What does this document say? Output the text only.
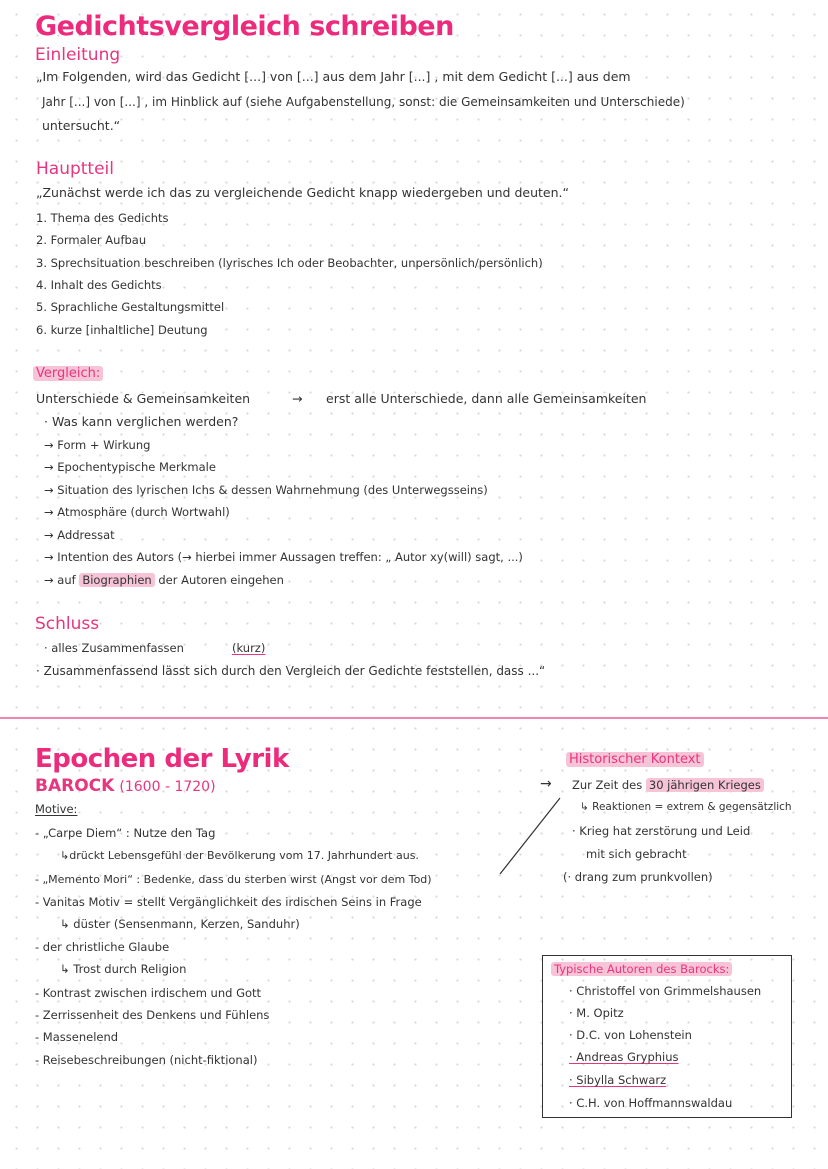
Gedichtsvergleich schreiben
Einleitung
„Im Folgenden, wird das Gedicht [...] von [...] aus dem Jahr [...] , mit dem Gedicht [...] aus dem
Jahr [...] von [...] , im Hinblick auf (siehe Aufgabenstellung, sonst: die Gemeinsamkeiten und Unterschiede)
untersucht.“
Hauptteil
„Zunächst werde ich das zu vergleichende Gedicht knapp wiedergeben und deuten.“
1. Thema des Gedichts
2. Formaler Aufbau
3. Sprechsituation beschreiben (lyrisches Ich oder Beobachter, unpersönlich/persönlich)
4. Inhalt des Gedichts
5. Sprachliche Gestaltungsmittel
6. kurze [inhaltliche] Deutung
Vergleich:
Unterschiede & Gemeinsamkeiten	→ erst alle Unterschiede, dann alle Gemeinsamkeiten
· Was kann verglichen werden?
→ Form + Wirkung
→ Epochentypische Merkmale
→ Situation des lyrischen Ichs & dessen Wahrnehmung (des Unterwegsseins)
→ Atmosphäre (durch Wortwahl)
→ Addressat
→ Intention des Autors (→ hierbei immer Aussagen treffen: „ Autor xy(will) sagt, ...)
→ auf Biographien der Autoren eingehen
Schluss
· alles Zusammenfassen	(kurz)
· Zusammenfassend lässt sich durch den Vergleich der Gedichte feststellen, dass ...“
Epochen der Lyrik
BAROCK (1600 - 1720)
Motive:
- „Carpe Diem“ : Nutze den Tag
↳drückt Lebensgefühl der Bevölkerung vom 17. Jahrhundert aus.
- „Memento Mori“ : Bedenke, dass du sterben wirst (Angst vor dem Tod)
- Vanitas Motiv = stellt Vergänglichkeit des irdischen Seins in Frage
↳ düster (Sensenmann, Kerzen, Sanduhr)
- der christliche Glaube
↳ Trost durch Religion
- Kontrast zwischen irdischem und Gott
- Zerrissenheit des Denkens und Fühlens
- Massenelend
- Reisebeschreibungen (nicht-fiktional)
Historischer Kontext
→ Zur Zeit des 30 jährigen Krieges
↳ Reaktionen = extrem & gegensätzlich
· Krieg hat zerstörung und Leid
mit sich gebracht
(· drang zum prunkvollen)
Typische Autoren des Barocks:
· Christoffel von Grimmelshausen
· M. Opitz
· D.C. von Lohenstein
· Andreas Gryphius
· Sibylla Schwarz
· C.H. von Hoffmannswaldau
